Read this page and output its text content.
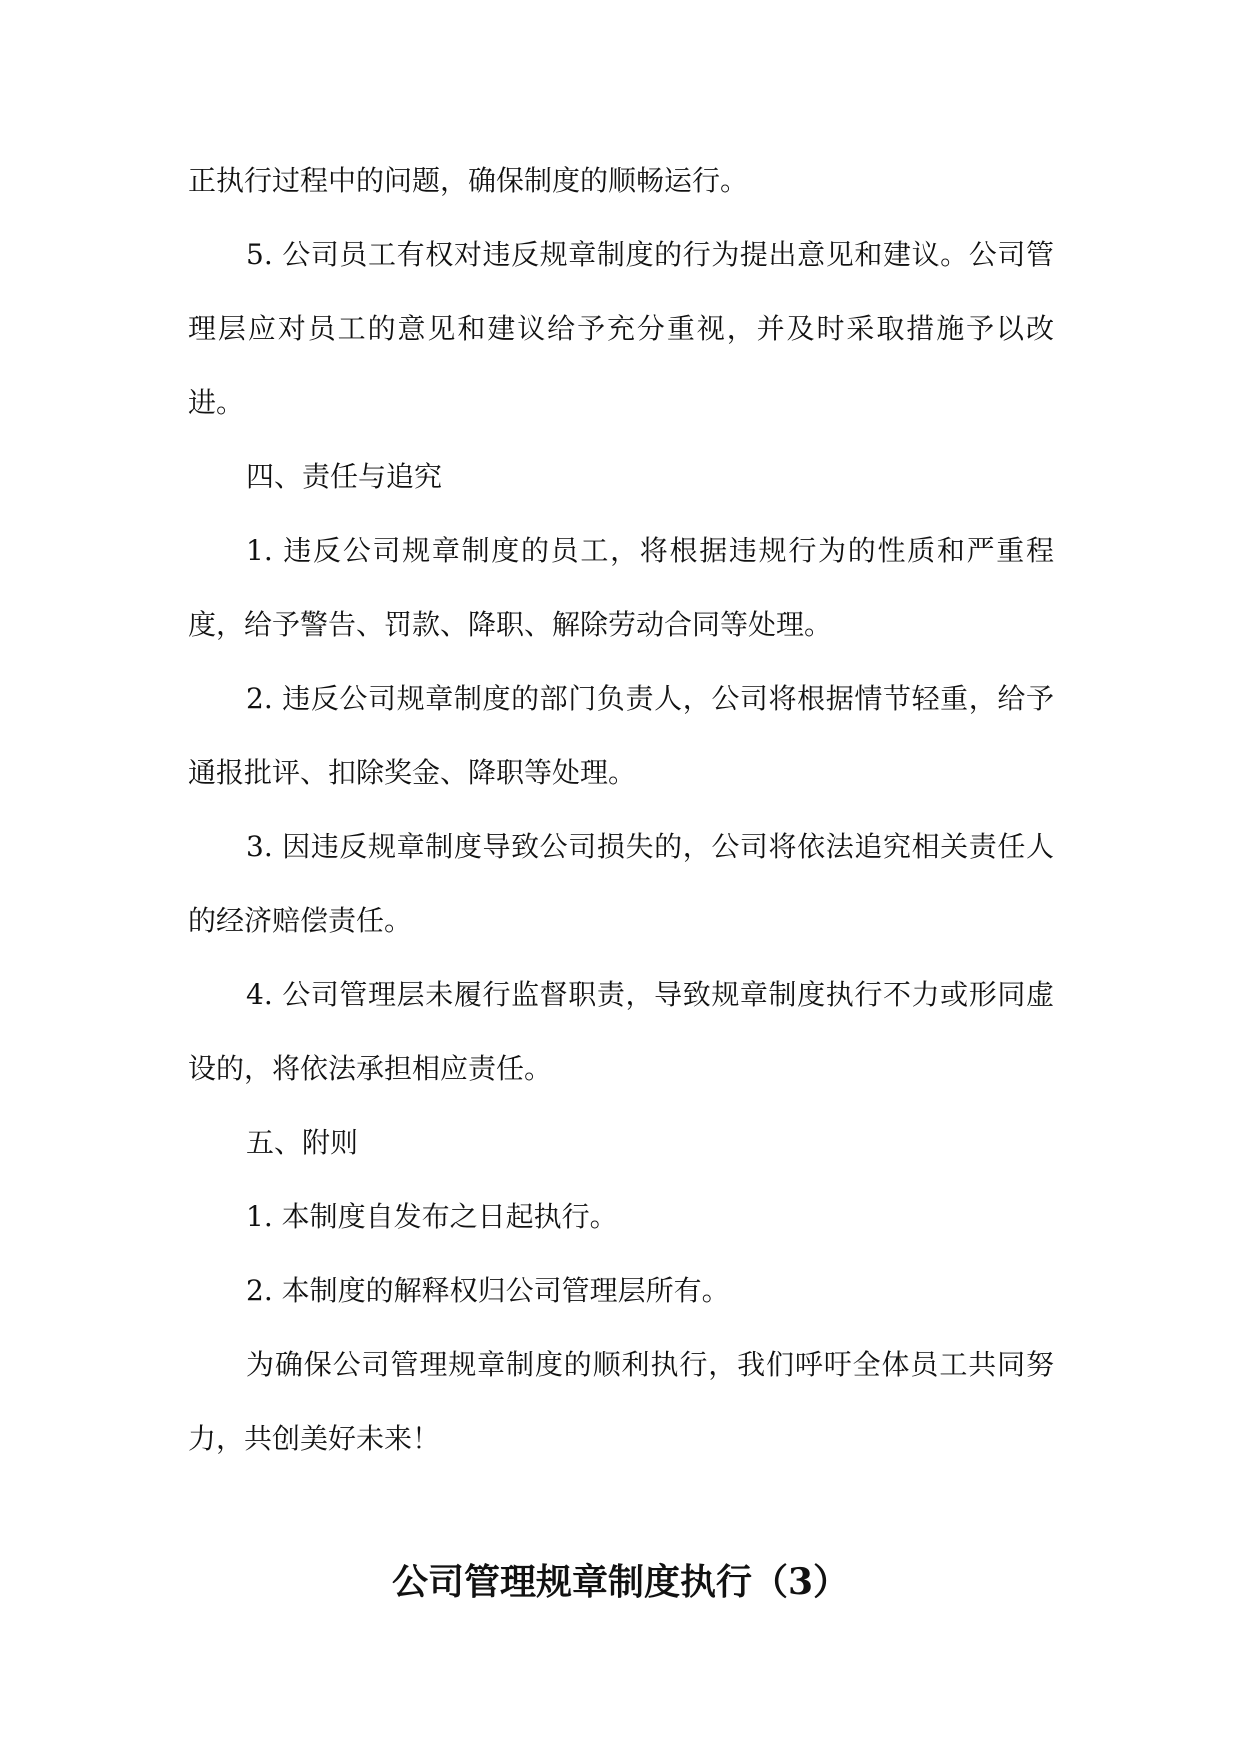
正执行过程中的问题，确保制度的顺畅运行。

5. 公司员工有权对违反规章制度的行为提出意见和建议。公司管理层应对员工的意见和建议给予充分重视，并及时采取措施予以改进。

四、责任与追究

1. 违反公司规章制度的员工，将根据违规行为的性质和严重程度，给予警告、罚款、降职、解除劳动合同等处理。

2. 违反公司规章制度的部门负责人，公司将根据情节轻重，给予通报批评、扣除奖金、降职等处理。

3. 因违反规章制度导致公司损失的，公司将依法追究相关责任人的经济赔偿责任。

4. 公司管理层未履行监督职责，导致规章制度执行不力或形同虚设的，将依法承担相应责任。

五、附则

1. 本制度自发布之日起执行。

2. 本制度的解释权归公司管理层所有。

为确保公司管理规章制度的顺利执行，我们呼吁全体员工共同努力，共创美好未来！

公司管理规章制度执行（3）
